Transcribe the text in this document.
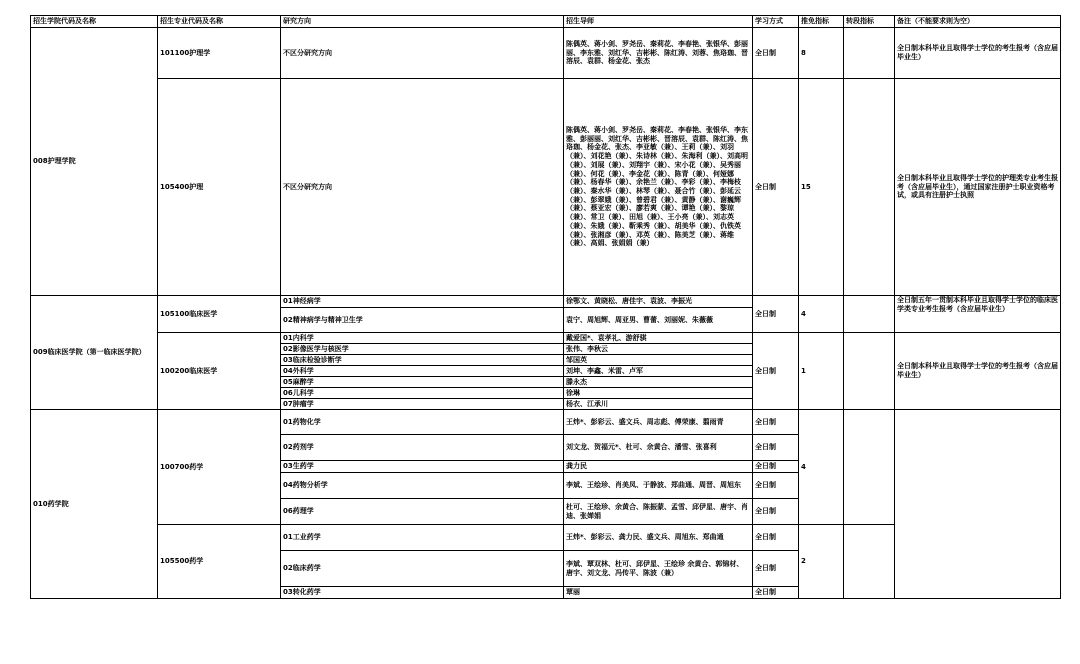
招生学院代码及名称	招生专业代码及名称	研究方向	招生导师	学习方式	推免指标	转段指标	备注（不能要求则为空）
008护理学院	101100护理学	不区分研究方向	陈偶英、蒋小剑、罗尧岳、秦莉花、李春艳、张银华、彭丽丽、李东雅、刘红华、吉彬彬、陈红涛、刘蓉、焦珞珈、晋溶辰、袁群、杨金花、张杰	全日制	8		全日制本科毕业且取得学士学位的考生报考（含应届毕业生）
	105400护理	不区分研究方向	陈偶英、蒋小剑、罗尧岳、秦莉花、李春艳、张银华、李东雅、彭丽丽、刘红华、吉彬彬、晋溶辰、袁群、陈红涛、焦珞珈、杨金花、张杰、李亚敏（兼）、王莉（兼）、刘羽（兼）、刘花艳（兼）、朱诗林（兼）、朱海利（兼）、刘高明（兼）、刘展（兼）、刘翔宇（兼）、宋小花（兼）、吴秀丽（兼）、何花（兼）、李金花（兼）、陈青（兼）、何娅娜（兼）、杨春华（兼）、余艳兰（兼）、李彩（兼）、李梅枝（兼）、秦水华（兼）、林琴（兼）、聂合竹（兼）、彭延云（兼）、彭翠娥（兼）、曾碧君（兼）、黄静（兼）、谢巍辉（兼）、蔡亚宏（兼）、廖若爽（兼）、谭艳（兼）、黎琼（兼）、常卫（兼）、田旭（兼）、王小亮（兼）、刘志英（兼）、朱娥（兼）、靳乘秀（兼）、胡美华（兼）、仇铁英（兼）、张湘彦（兼）、邓英（兼）、陈美芝（兼）、蒋维（兼）、高娟、张娟娟（兼）	全日制	15		全日制本科毕业且取得学士学位的护理类专业考生报考（含应届毕业生），通过国家注册护士职业资格考试，或具有注册护士执照
009临床医学院（第一临床医学院）	105100临床医学	01神经病学	徐鄂文、黄晓松、唐佳宇、袁波、李振光	全日制	4		全日制五年一贯制本科毕业且取得学士学位的临床医学类专业考生报考（含应届毕业生）
		02精神病学与精神卫生学	袁宁、周旭辉、周亚男、曹蕾、刘丽妮、朱薇薇				
	100200临床医学	01内科学	戴爱国*、袁孝礼、游舒骐	全日制	1		全日制本科毕业且取得学士学位的考生报考（含应届毕业生）
		02影像医学与核医学	张伟、李秋云				
		03临床检验诊断学	邹国英				
		04外科学	刘坤、李鑫、米雷、卢军				
		05麻醉学	滕永杰				
		06儿科学	徐琳				
		07肿瘤学	杨衣、江承川				
010药学院	100700药学	01药物化学	王炜*、彭彩云、盛文兵、周志彪、傅荣康、翦雨青	全日制	4		
		02药剂学	刘文龙、贺福元*、杜可、余黄合、潘雪、张喜利	全日制			
		03生药学	龚力民	全日制			
		04药物分析学	李斌、王绘珍、肖美凤、于静波、郑曲通、周晋、周旭东	全日制			
		06药理学	杜可、王绘珍、余黄合、陈振蒙、孟雪、邱伊星、唐宇、肖迪、张婵娟	全日制			
	105500药学	01工业药学	王炜*、彭彩云、龚力民、盛文兵、周旭东、郑曲通	全日制	2		
		02临床药学	李斌、覃双林、杜可、邱伊星、王绘珍 余黄合、郭锦材、唐宇、刘文龙、冯传平、陈波（兼）	全日制			
		03转化药学	覃丽	全日制			
